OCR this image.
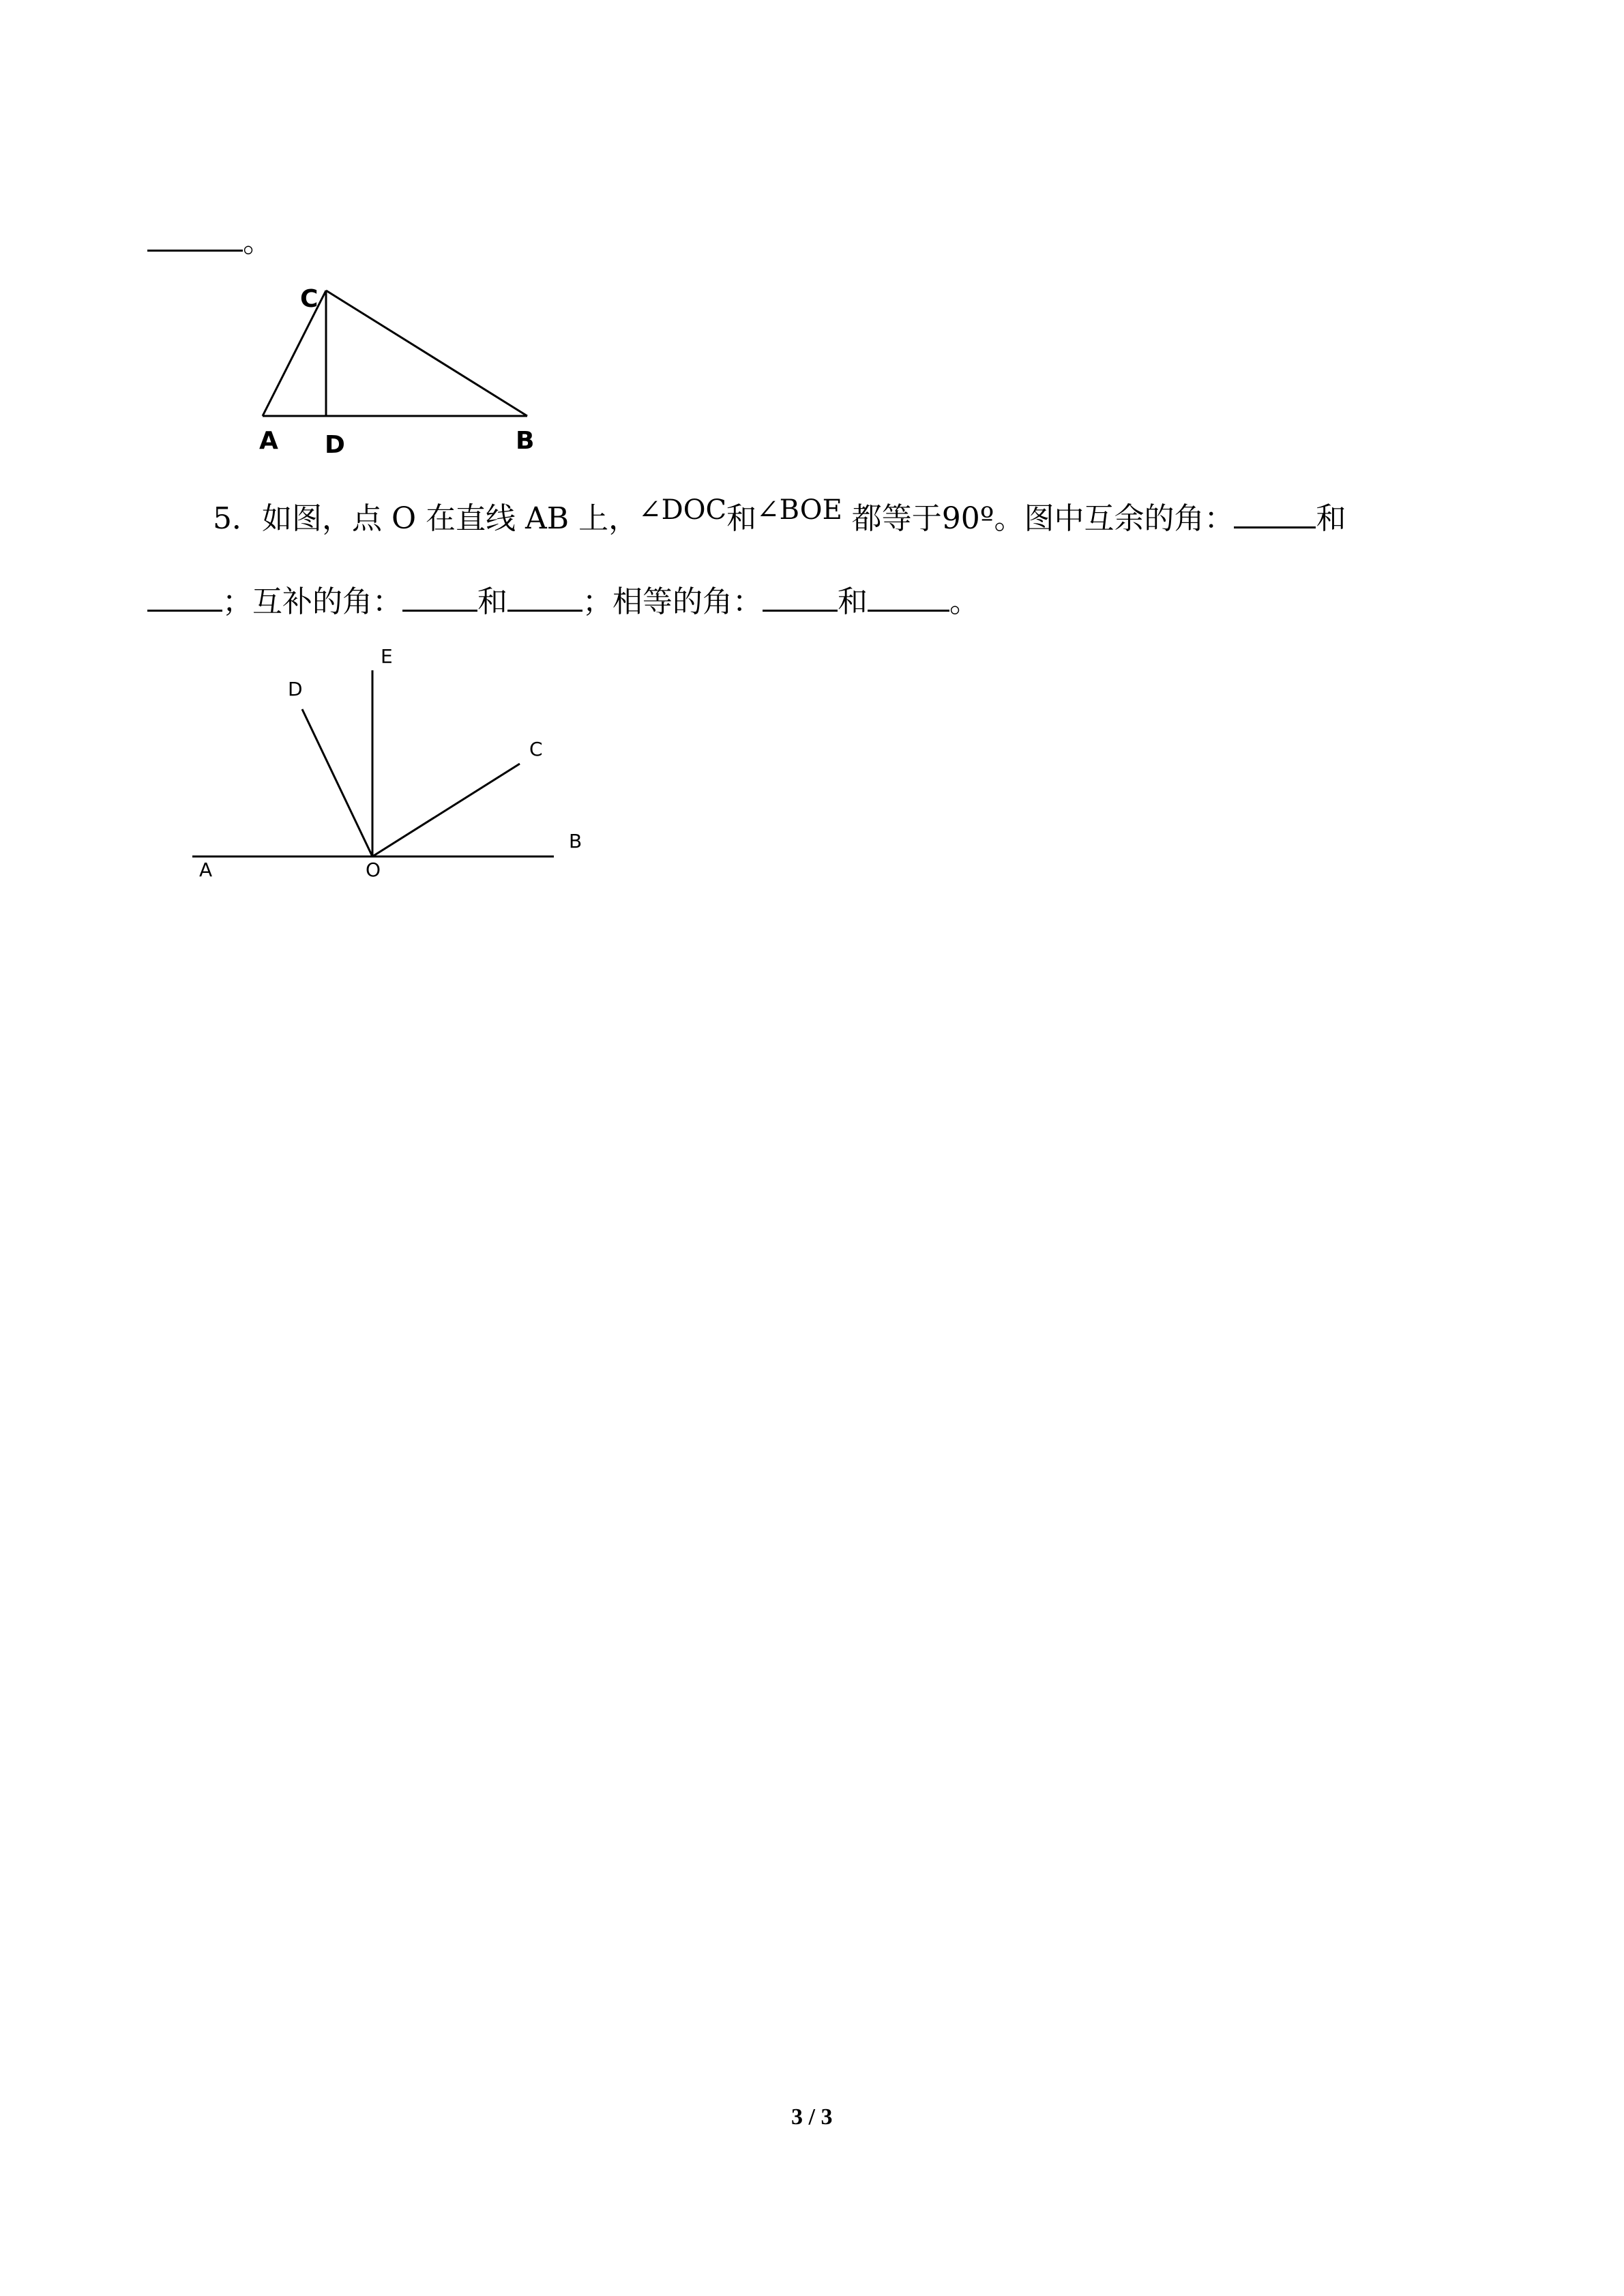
。
C
A D	B
E
D
C
B
A	O
5．如图，点 O 在直线 AB 上，∠DOC和∠BOE 都等于90º。图中互余的角：	和
；互补的角：	和	；相等的角：	和	。
3 / 3
